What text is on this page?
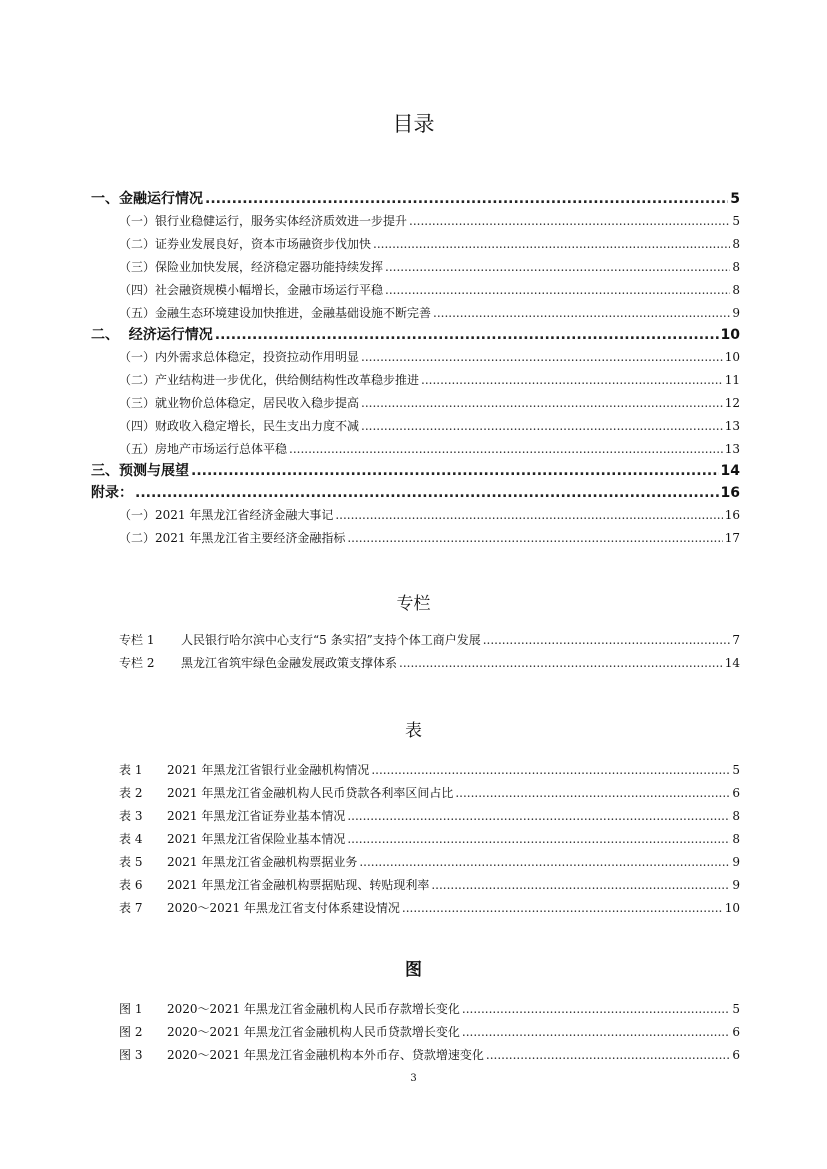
目录
一、金融运行情况 .....	5
（一）银行业稳健运行，服务实体经济质效进一步提升 .....	5
（二）证券业发展良好，资本市场融资步伐加快 .....	8
（三）保险业加快发展，经济稳定器功能持续发挥 .....	8
（四）社会融资规模小幅增长，金融市场运行平稳 .....	8
（五）金融生态环境建设加快推进，金融基础设施不断完善 .....	9
二、  经济运行情况 .....	10
（一）内外需求总体稳定，投资拉动作用明显 .....	10
（二）产业结构进一步优化，供给侧结构性改革稳步推进 .....	11
（三）就业物价总体稳定，居民收入稳步提高 .....	12
（四）财政收入稳定增长，民生支出力度不减 .....	13
（五）房地产市场运行总体平稳 .....	13
三、预测与展望 .....	14
附录： .....	16
（一）2021 年黑龙江省经济金融大事记 .....	16
（二）2021 年黑龙江省主要经济金融指标 .....	17
专栏
专栏 1	人民银行哈尔滨中心支行“5 条实招”支持个体工商户发展 .....	7
专栏 2	黑龙江省筑牢绿色金融发展政策支撑体系 .....	14
表
表 1	2021 年黑龙江省银行业金融机构情况 .....	5
表 2	2021 年黑龙江省金融机构人民币贷款各利率区间占比 .....	6
表 3	2021 年黑龙江省证券业基本情况 .....	8
表 4	2021 年黑龙江省保险业基本情况 .....	8
表 5	2021 年黑龙江省金融机构票据业务 .....	9
表 6	2021 年黑龙江省金融机构票据贴现、转贴现利率 .....	9
表 7	2020～2021 年黑龙江省支付体系建设情况 .....	10
图
图 1	2020～2021 年黑龙江省金融机构人民币存款增长变化 .....	5
图 2	2020～2021 年黑龙江省金融机构人民币贷款增长变化 .....	6
图 3	2020～2021 年黑龙江省金融机构本外币存、贷款增速变化 .....	6
3
